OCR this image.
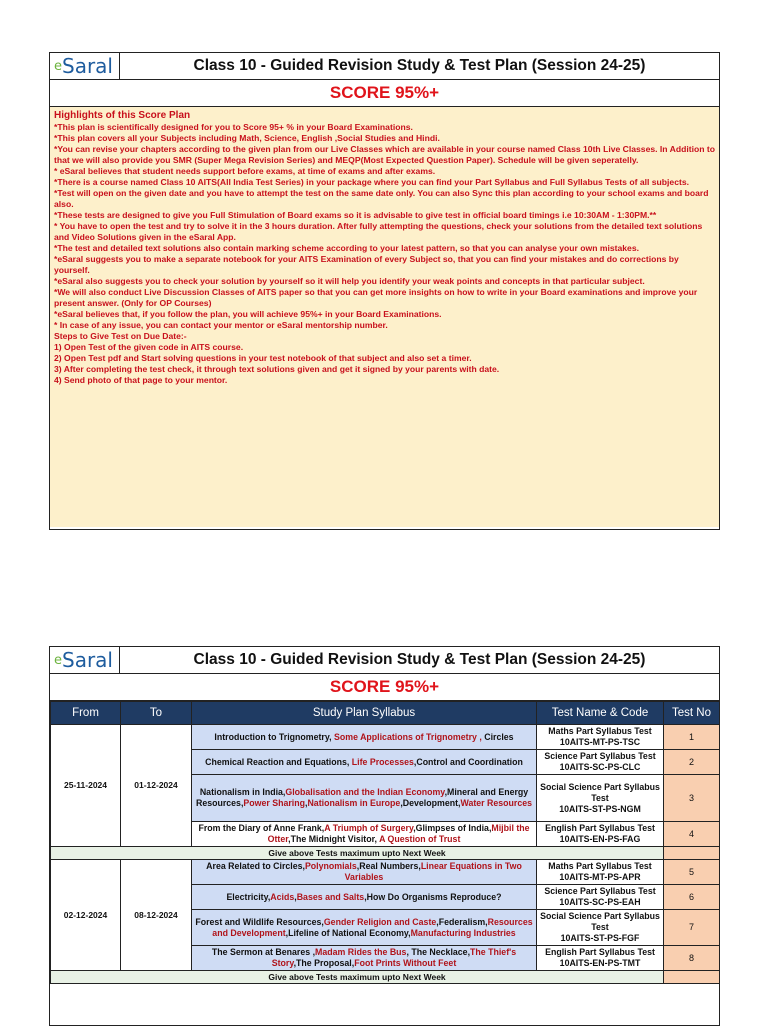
eSaral	Class 10 - Guided Revision Study & Test Plan (Session 24-25)
SCORE 95%+
Highlights of this Score Plan
*This plan is scientifically designed for you to Score 95+ % in your Board Examinations.
*This plan covers all your Subjects including Math, Science, English ,Social Studies and Hindi.
*You can revise your chapters according to the given plan from our Live Classes which are available in your course named Class 10th Live Classes. In Addition to that we will also provide you SMR (Super Mega Revision Series) and MEQP(Most Expected Question Paper). Schedule will be given seperatelly.
* eSaral believes that student needs support before exams, at time of exams and after exams.
*There is a course named Class 10 AITS(All India Test Series) in your package where you can find your Part Syllabus and Full Syllabus Tests of all subjects.
*Test will open on the given date and you have to attempt the test on the same date only. You can also Sync this plan according to your school exams and board also.
*These tests are designed to give you Full Stimulation of Board exams so it is advisable to give test in official board timings i.e 10:30AM - 1:30PM.**
* You have to open the test and try to solve it in the 3 hours duration. After fully attempting the questions, check your solutions from the detailed text solutions and Video Solutions given in the eSaral App.
*The test and detailed text solutions also contain marking scheme according to your latest pattern, so that you can analyse your own mistakes.
*eSaral suggests you to make a separate notebook for your AITS Examination of every Subject so, that you can find your mistakes and do corrections by yourself.
*eSaral also suggests you to check your solution by yourself so it will help you identify your weak points and concepts in that particular subject.
*We will also conduct Live Discussion Classes of AITS paper so that you can get more insights on how to write in your Board examinations and improve your present answer. (Only for OP Courses)
*eSaral believes that, if you follow the plan, you will achieve 95%+ in your Board Examinations.
* In case of any issue, you can contact your mentor or eSaral mentorship number.
Steps to Give Test on Due Date:-
1) Open Test of the given code in AITS course.
2) Open Test pdf and Start solving questions in your test notebook of that subject and also set a timer.
3) After completing the test check, it through text solutions given and get it signed by your parents with date.
4) Send photo of that page to your mentor.
eSaral	Class 10 - Guided Revision Study & Test Plan (Session 24-25)
SCORE 95%+
From	To	Study Plan Syllabus	Test Name & Code	Test No
25-11-2024	01-12-2024	Introduction to Trignometry, Some Applications of Trignometry , Circles	Maths Part Syllabus Test
10AITS-MT-PS-TSC	1
		Chemical Reaction and Equations, Life Processes,Control and Coordination	Science Part Syllabus Test
10AITS-SC-PS-CLC	2
		Nationalism in India,Globalisation and the Indian Economy,Mineral and Energy Resources,Power Sharing,Nationalism in Europe,Development,Water Resources	Social Science Part Syllabus Test
10AITS-ST-PS-NGM	3
		From the Diary of Anne Frank,A Triumph of Surgery,Glimpses of India,Mijbil the Otter,The Midnight Visitor, A Question of Trust	English Part Syllabus Test
10AITS-EN-PS-FAG	4
Give above Tests maximum upto Next Week				
02-12-2024	08-12-2024	Area Related to Circles,Polynomials,Real Numbers,Linear Equations in Two Variables	Maths Part Syllabus Test
10AITS-MT-PS-APR	5
		Electricity,Acids,Bases and Salts,How Do Organisms Reproduce?	Science Part Syllabus Test
10AITS-SC-PS-EAH	6
		Forest and Wildlife Resources,Gender Religion and Caste,Federalism,Resources and Development,Lifeline of National Economy,Manufacturing Industries	Social Science Part Syllabus Test
10AITS-ST-PS-FGF	7
		The Sermon at Benares ,Madam Rides the Bus, The Necklace,The Thief's Story,The Proposal,Foot Prints Without Feet	English Part Syllabus Test
10AITS-EN-PS-TMT	8
Give above Tests maximum upto Next Week				
